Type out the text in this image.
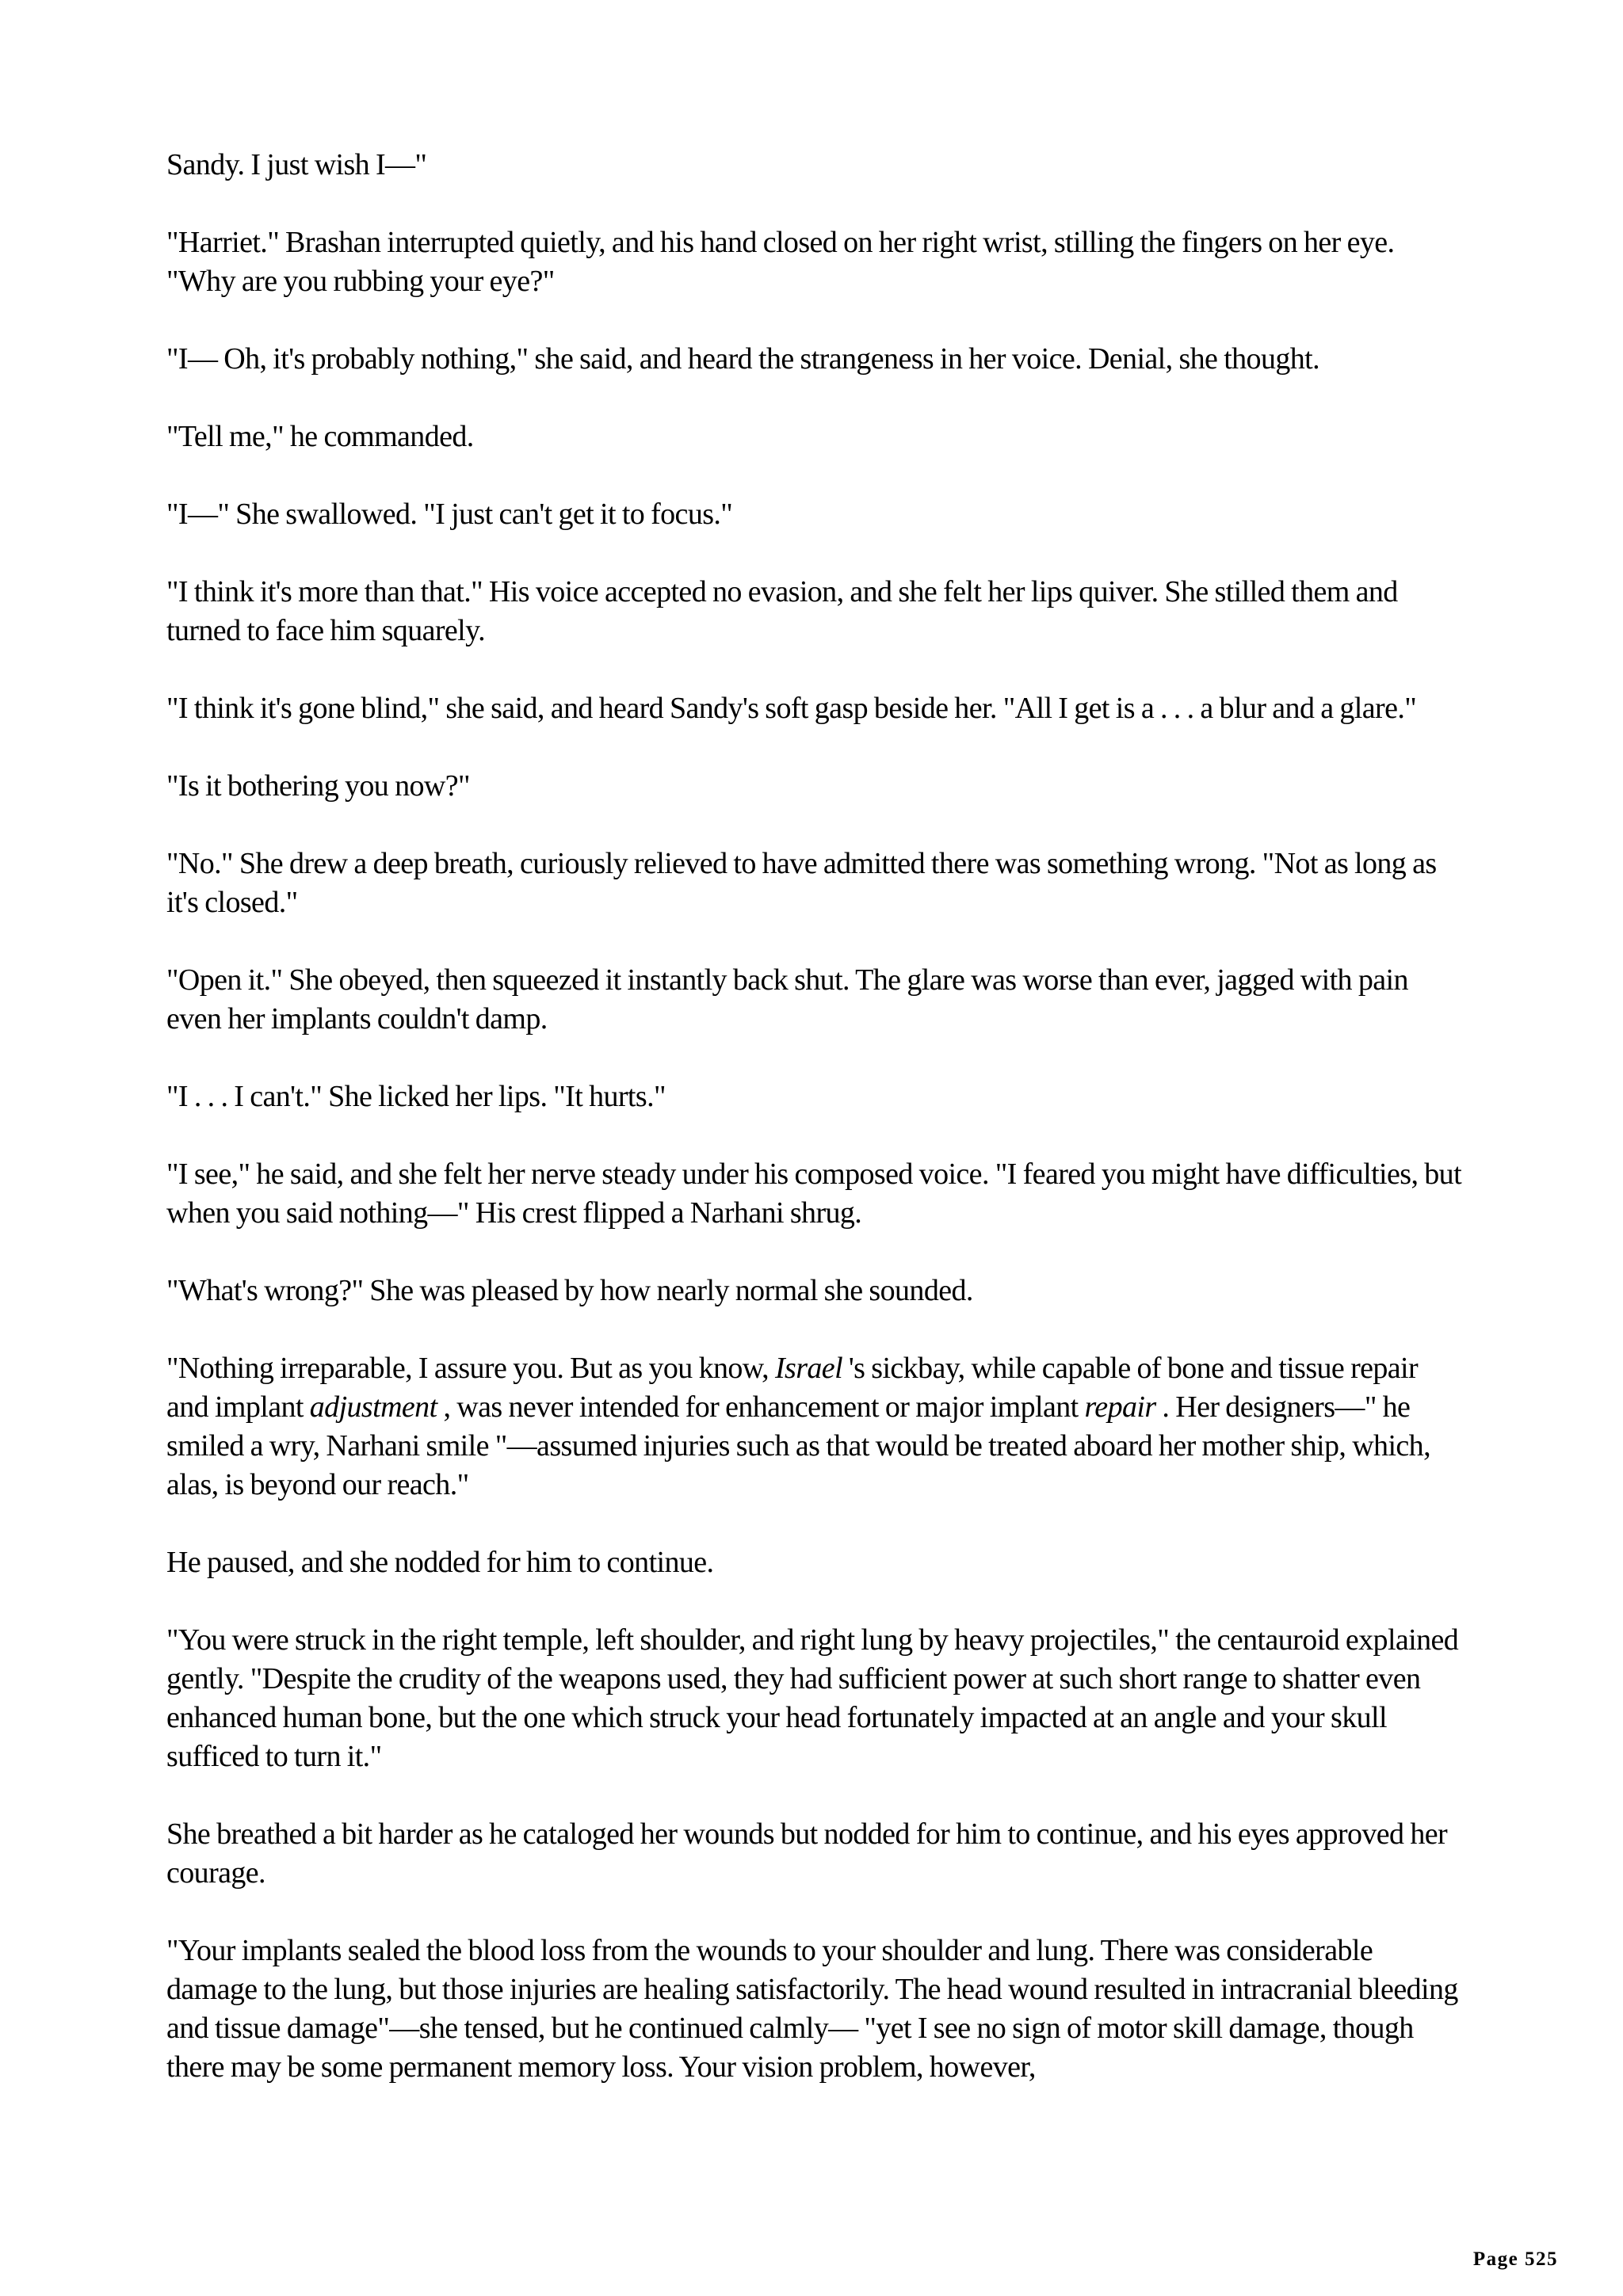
Sandy. I just wish I—"

"Harriet." Brashan interrupted quietly, and his hand closed on her right wrist, stilling the fingers on her eye. "Why are you rubbing your eye?"

"I— Oh, it's probably nothing," she said, and heard the strangeness in her voice. Denial, she thought.

"Tell me," he commanded.

"I—" She swallowed. "I just can't get it to focus."

"I think it's more than that." His voice accepted no evasion, and she felt her lips quiver. She stilled them and turned to face him squarely.

"I think it's gone blind," she said, and heard Sandy's soft gasp beside her. "All I get is a . . . a blur and a glare."

"Is it bothering you now?"

"No." She drew a deep breath, curiously relieved to have admitted there was something wrong. "Not as long as it's closed."

"Open it." She obeyed, then squeezed it instantly back shut. The glare was worse than ever, jagged with pain even her implants couldn't damp.

"I . . . I can't." She licked her lips. "It hurts."

"I see," he said, and she felt her nerve steady under his composed voice. "I feared you might have difficulties, but when you said nothing—" His crest flipped a Narhani shrug.

"What's wrong?" She was pleased by how nearly normal she sounded.

"Nothing irreparable, I assure you. But as you know, Israel 's sickbay, while capable of bone and tissue repair and implant adjustment , was never intended for enhancement or major implant repair . Her designers—" he smiled a wry, Narhani smile "—assumed injuries such as that would be treated aboard her mother ship, which, alas, is beyond our reach."

He paused, and she nodded for him to continue.

"You were struck in the right temple, left shoulder, and right lung by heavy projectiles," the centauroid explained gently. "Despite the crudity of the weapons used, they had sufficient power at such short range to shatter even enhanced human bone, but the one which struck your head fortunately impacted at an angle and your skull sufficed to turn it."

She breathed a bit harder as he cataloged her wounds but nodded for him to continue, and his eyes approved her courage.

"Your implants sealed the blood loss from the wounds to your shoulder and lung. There was considerable damage to the lung, but those injuries are healing satisfactorily. The head wound resulted in intracranial bleeding and tissue damage"—she tensed, but he continued calmly— "yet I see no sign of motor skill damage, though there may be some permanent memory loss. Your vision problem, however,

Page 525
